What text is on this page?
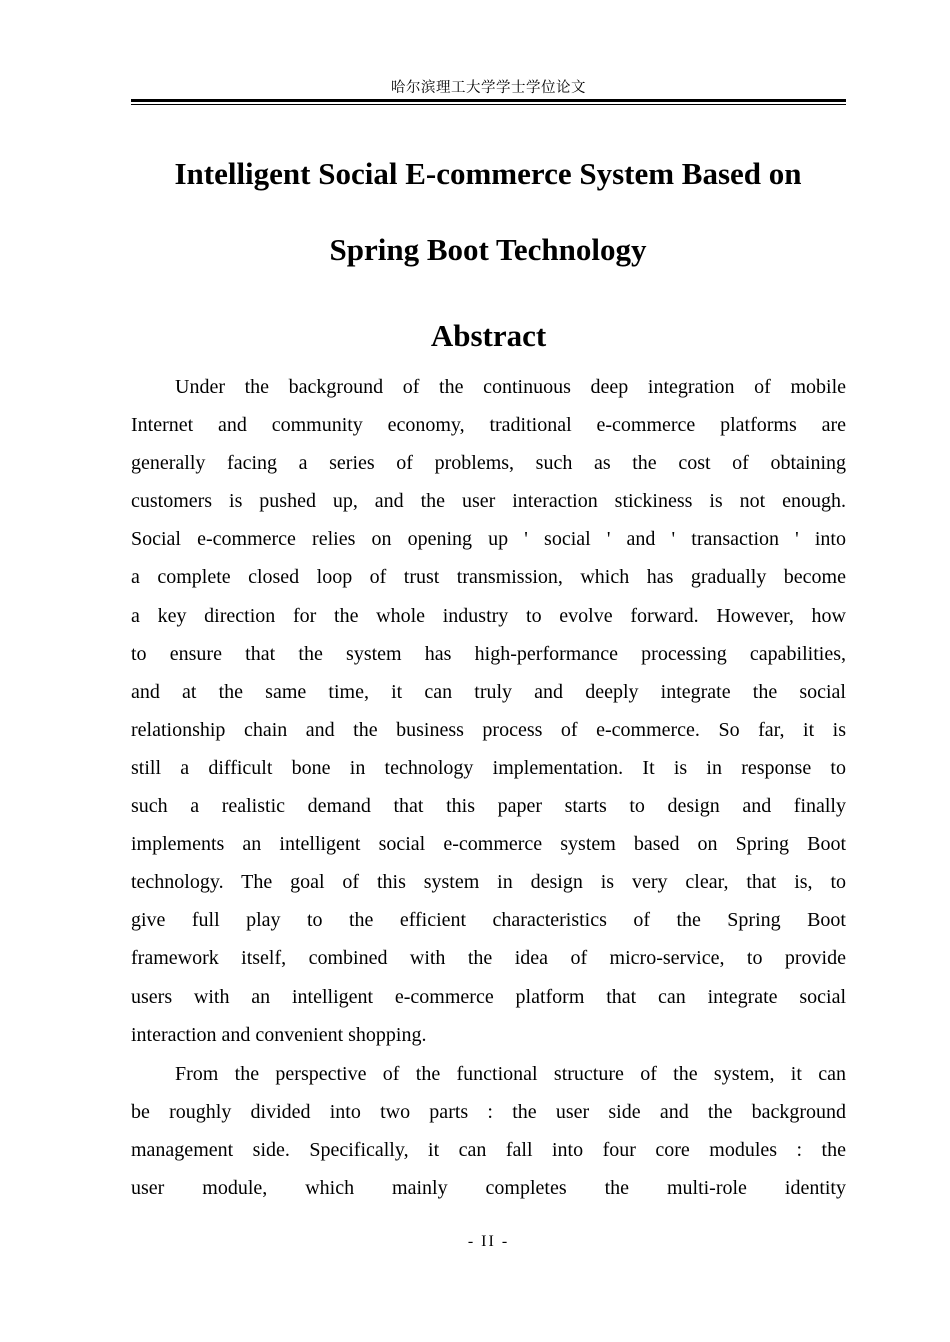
哈尔滨理工大学学士学位论文
Intelligent Social E-commerce System Based on
Spring Boot Technology
Abstract
Under the background of the continuous deep integration of mobile
Internet and community economy, traditional e-commerce platforms are
generally facing a series of problems, such as the cost of obtaining
customers is pushed up, and the user interaction stickiness is not enough.
Social e-commerce relies on opening up ' social ' and ' transaction ' into
a complete closed loop of trust transmission, which has gradually become
a key direction for the whole industry to evolve forward. However, how
to ensure that the system has high-performance processing capabilities,
and at the same time, it can truly and deeply integrate the social
relationship chain and the business process of e-commerce. So far, it is
still a difficult bone in technology implementation. It is in response to
such a realistic demand that this paper starts to design and finally
implements an intelligent social e-commerce system based on Spring Boot
technology. The goal of this system in design is very clear, that is, to
give full play to the efficient characteristics of the Spring Boot
framework itself, combined with the idea of micro-service, to provide
users with an intelligent e-commerce platform that can integrate social
interaction and convenient shopping.
From the perspective of the functional structure of the system, it can
be roughly divided into two parts : the user side and the background
management side. Specifically, it can fall into four core modules : the
user module, which mainly completes the multi-role identity
- II -
